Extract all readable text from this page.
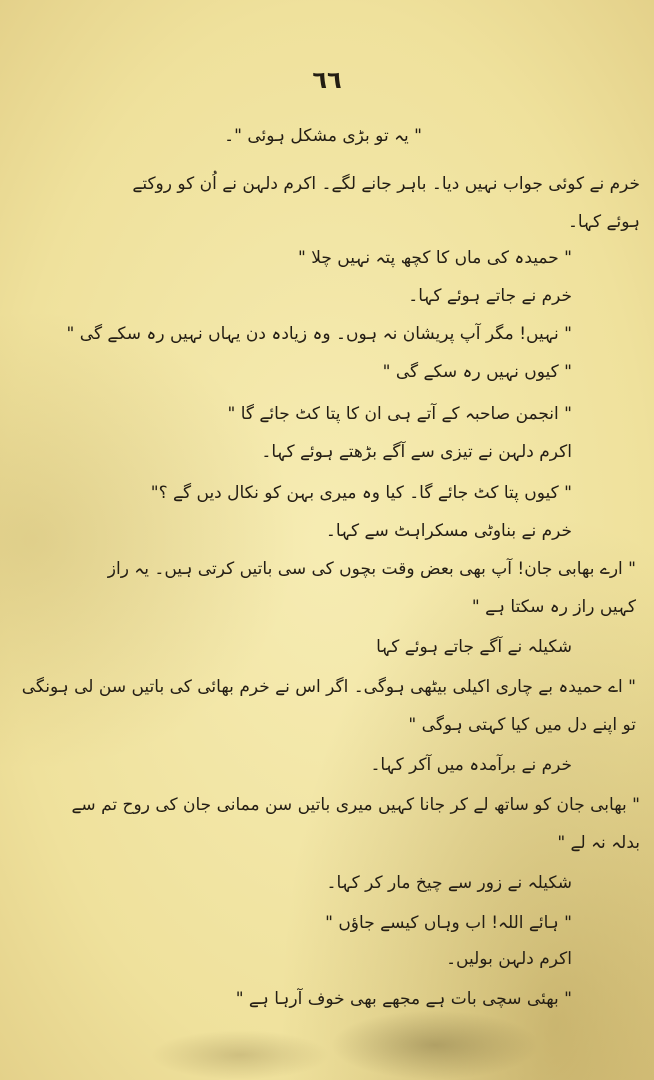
٦٦
" یہ تو بڑی مشکل ہوئی "۔
خرم نے کوئی جواب نہیں دیا۔ باہر جانے لگے۔ اکرم دلہن نے اُن کو روکتے
ہوئے کہا۔
" حمیدہ کی ماں کا کچھ پتہ نہیں چلا "
خرم نے جاتے ہوئے کہا۔
" نہیں! مگر آپ پریشان نہ ہوں۔ وہ زیادہ دن یہاں نہیں رہ سکے گی "
" کیوں نہیں رہ سکے گی "
" انجمن صاحبہ کے آتے ہی ان کا پتا کٹ جائے گا "
اکرم دلہن نے تیزی سے آگے بڑھتے ہوئے کہا۔
" کیوں پتا کٹ جائے گا۔ کیا وہ میری بہن کو نکال دیں گے ؟"
خرم نے بناوٹی مسکراہٹ سے کہا۔
" ارے بھابی جان! آپ بھی بعض وقت بچوں کی سی باتیں کرتی ہیں۔ یہ راز
کہیں راز رہ سکتا ہے "
شکیلہ نے آگے جاتے ہوئے کہا
" اے حمیدہ بے چاری اکیلی بیٹھی ہوگی۔ اگر اس نے خرم بھائی کی باتیں سن لی ہونگی
تو اپنے دل میں کیا کہتی ہوگی "
خرم نے برآمدہ میں آکر کہا۔
" بھابی جان کو ساتھ لے کر جانا کہیں میری باتیں سن ممانی جان کی روح تم سے
بدلہ نہ لے "
شکیلہ نے زور سے چیخ مار کر کہا۔
" ہائے اللہ! اب وہاں کیسے جاؤں "
اکرم دلہن بولیں۔
" بھئی سچی بات ہے مجھے بھی خوف آرہا ہے "
